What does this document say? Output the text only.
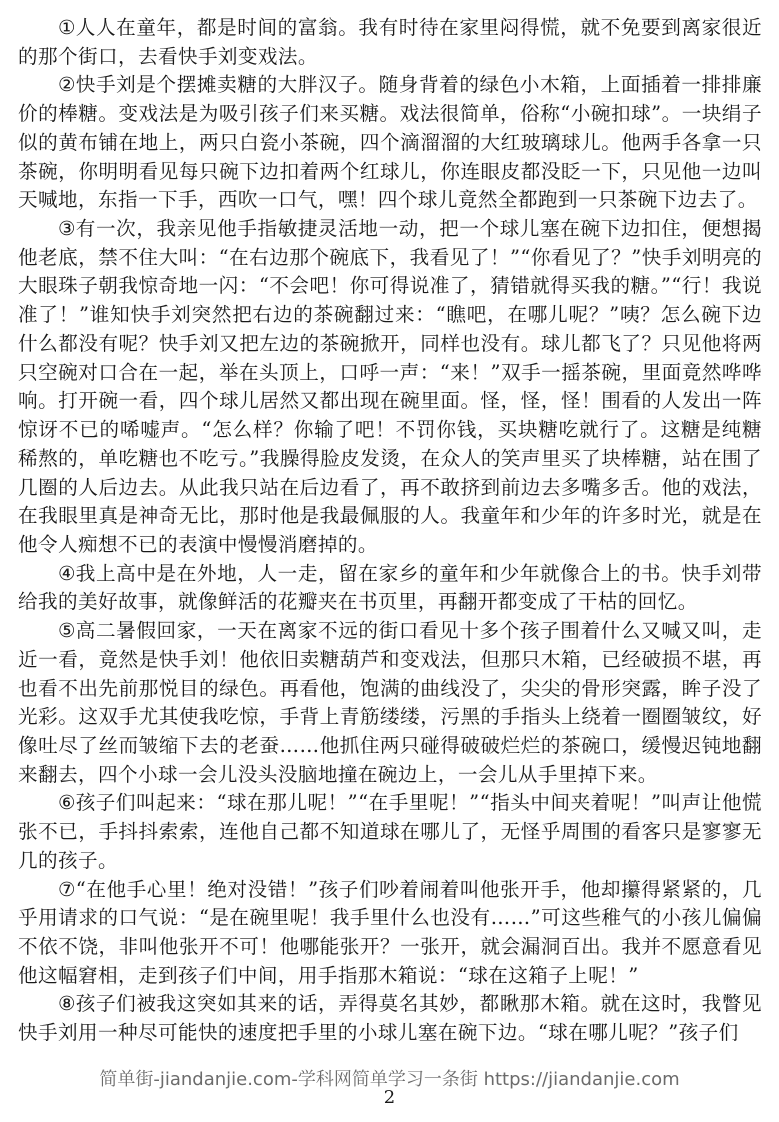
①人人在童年，都是时间的富翁。我有时待在家里闷得慌，就不免要到离家很近的那个街口，去看快手刘变戏法。

②快手刘是个摆摊卖糖的大胖汉子。随身背着的绿色小木箱，上面插着一排排廉价的棒糖。变戏法是为吸引孩子们来买糖。戏法很简单，俗称“小碗扣球”。一块绢子似的黄布铺在地上，两只白瓷小茶碗，四个滴溜溜的大红玻璃球儿。他两手各拿一只茶碗，你明明看见每只碗下边扣着两个红球儿，你连眼皮都没眨一下，只见他一边叫天喊地，东指一下手，西吹一口气，嘿！四个球儿竟然全都跑到一只茶碗下边去了。

③有一次，我亲见他手指敏捷灵活地一动，把一个球儿塞在碗下边扣住，便想揭他老底，禁不住大叫：“在右边那个碗底下，我看见了！”“你看见了？”快手刘明亮的大眼珠子朝我惊奇地一闪：“不会吧！你可得说准了，猜错就得买我的糖。”“行！我说准了！”谁知快手刘突然把右边的茶碗翻过来：“瞧吧，在哪儿呢？”咦？怎么碗下边什么都没有呢？快手刘又把左边的茶碗掀开，同样也没有。球儿都飞了？只见他将两只空碗对口合在一起，举在头顶上，口呼一声：“来！”双手一摇茶碗，里面竟然哗哗响。打开碗一看，四个球儿居然又都出现在碗里面。怪，怪，怪！围看的人发出一阵惊讶不已的唏嘘声。“怎么样？你输了吧！不罚你钱，买块糖吃就行了。这糖是纯糖稀熬的，单吃糖也不吃亏。”我臊得脸皮发烫，在众人的笑声里买了块棒糖，站在围了几圈的人后边去。从此我只站在后边看了，再不敢挤到前边去多嘴多舌。他的戏法，在我眼里真是神奇无比，那时他是我最佩服的人。我童年和少年的许多时光，就是在他令人痴想不已的表演中慢慢消磨掉的。

④我上高中是在外地，人一走，留在家乡的童年和少年就像合上的书。快手刘带给我的美好故事，就像鲜活的花瓣夹在书页里，再翻开都变成了干枯的回忆。

⑤高二暑假回家，一天在离家不远的街口看见十多个孩子围着什么又喊又叫，走近一看，竟然是快手刘！他依旧卖糖葫芦和变戏法，但那只木箱，已经破损不堪，再也看不出先前那悦目的绿色。再看他，饱满的曲线没了，尖尖的骨形突露，眸子没了光彩。这双手尤其使我吃惊，手背上青筋缕缕，污黑的手指头上绕着一圈圈皱纹，好像吐尽了丝而皱缩下去的老蚕……他抓住两只碰得破破烂烂的茶碗口，缓慢迟钝地翻来翻去，四个小球一会儿没头没脑地撞在碗边上，一会儿从手里掉下来。

⑥孩子们叫起来：“球在那儿呢！”“在手里呢！”“指头中间夹着呢！”叫声让他慌张不已，手抖抖索索，连他自己都不知道球在哪儿了，无怪乎周围的看客只是寥寥无几的孩子。

⑦“在他手心里！绝对没错！”孩子们吵着闹着叫他张开手，他却攥得紧紧的，几乎用请求的口气说：“是在碗里呢！我手里什么也没有……”可这些稚气的小孩儿偏偏不依不饶，非叫他张开不可！他哪能张开？一张开，就会漏洞百出。我并不愿意看见他这幅窘相，走到孩子们中间，用手指那木箱说：“球在这箱子上呢！”

⑧孩子们被我这突如其来的话，弄得莫名其妙，都瞅那木箱。就在这时，我瞥见快手刘用一种尽可能快的速度把手里的小球儿塞在碗下边。“球在哪儿呢？”孩子们

简单街-jiandanjie.com-学科网简单学习一条街 https://jiandanjie.com
2
